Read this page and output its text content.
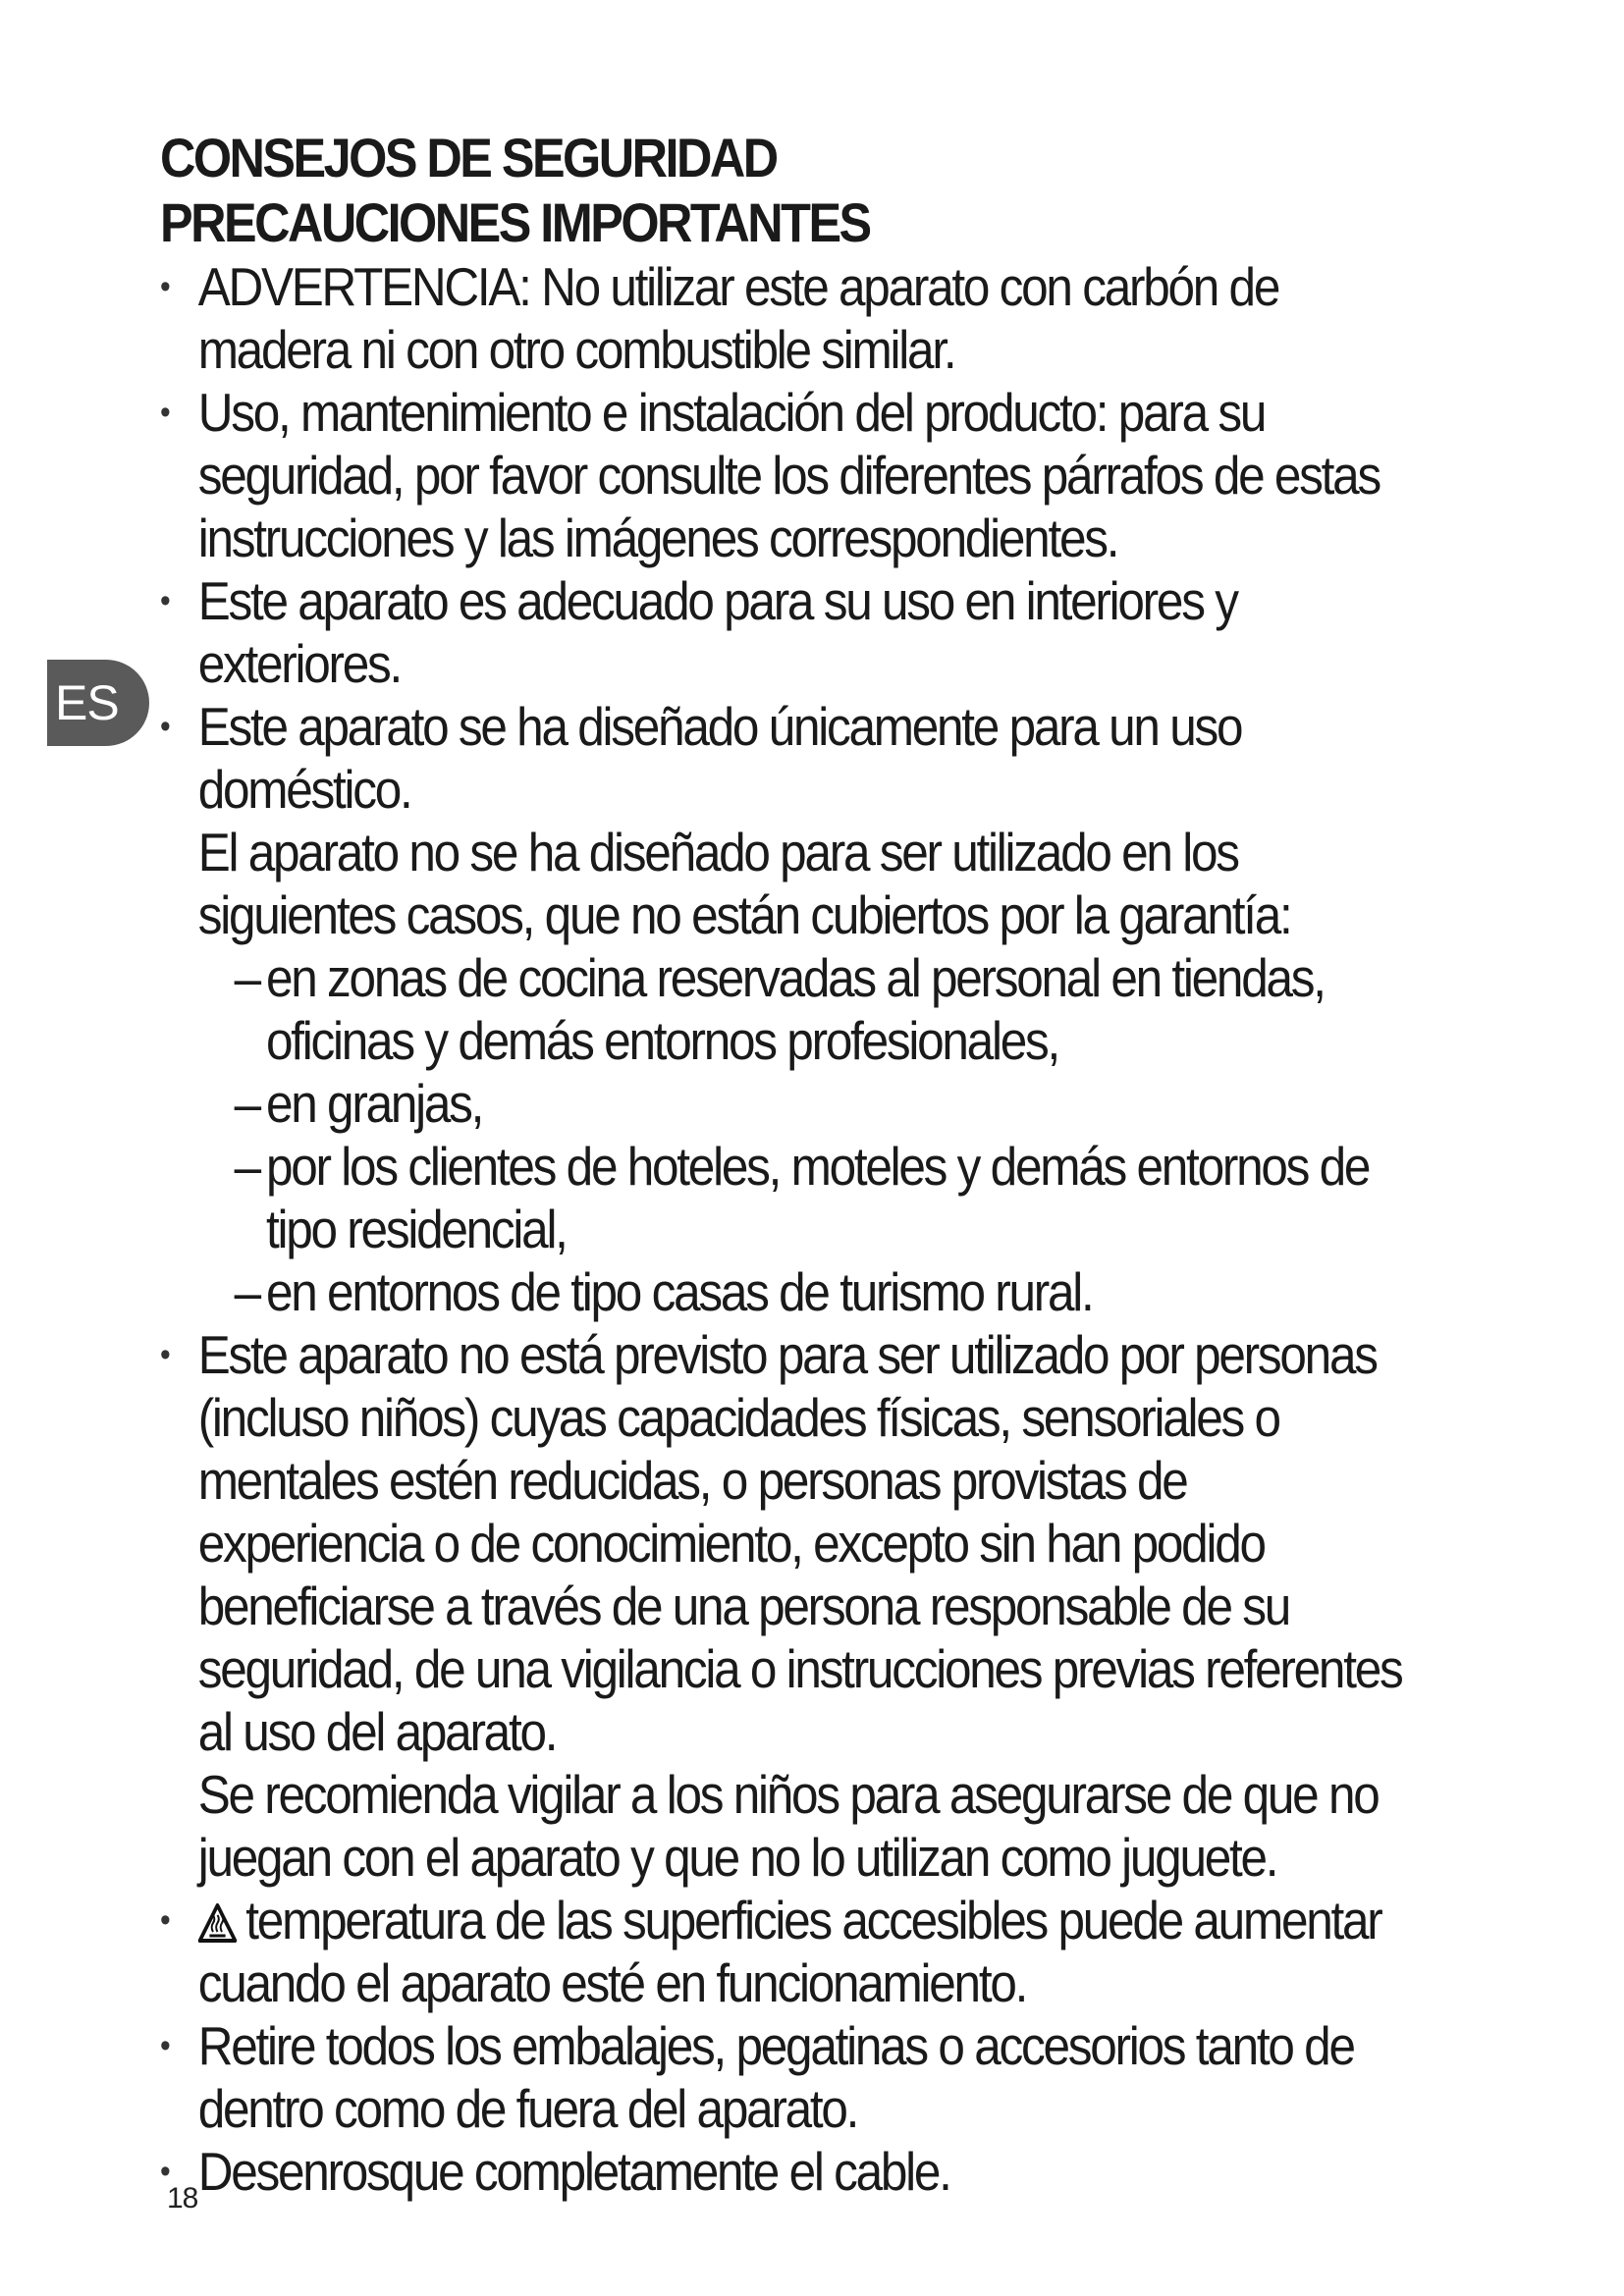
ES
CONSEJOS DE SEGURIDAD
PRECAUCIONES IMPORTANTES
• ADVERTENCIA: No utilizar este aparato con carbón de madera ni con otro combustible similar.
• Uso, mantenimiento e instalación del producto: para su seguridad, por favor consulte los diferentes párrafos de estas instrucciones y las imágenes correspondientes.
• Este aparato es adecuado para su uso en interiores y exteriores.
• Este aparato se ha diseñado únicamente para un uso doméstico.
El aparato no se ha diseñado para ser utilizado en los siguientes casos, que no están cubiertos por la garantía:
– en zonas de cocina reservadas al personal en tiendas, oficinas y demás entornos profesionales,
– en granjas,
– por los clientes de hoteles, moteles y demás entornos de tipo residencial,
– en entornos de tipo casas de turismo rural.
• Este aparato no está previsto para ser utilizado por personas (incluso niños) cuyas capacidades físicas, sensoriales o mentales estén reducidas, o personas provistas de experiencia o de conocimiento, excepto sin han podido beneficiarse a través de una persona responsable de su seguridad, de una vigilancia o instrucciones previas referentes al uso del aparato.
Se recomienda vigilar a los niños para asegurarse de que no juegan con el aparato y que no lo utilizan como juguete.
•	temperatura de las superficies accesibles puede aumentar cuando el aparato esté en funcionamiento.
• Retire todos los embalajes, pegatinas o accesorios tanto de dentro como de fuera del aparato.
• Desenrosque completamente el cable.
18
